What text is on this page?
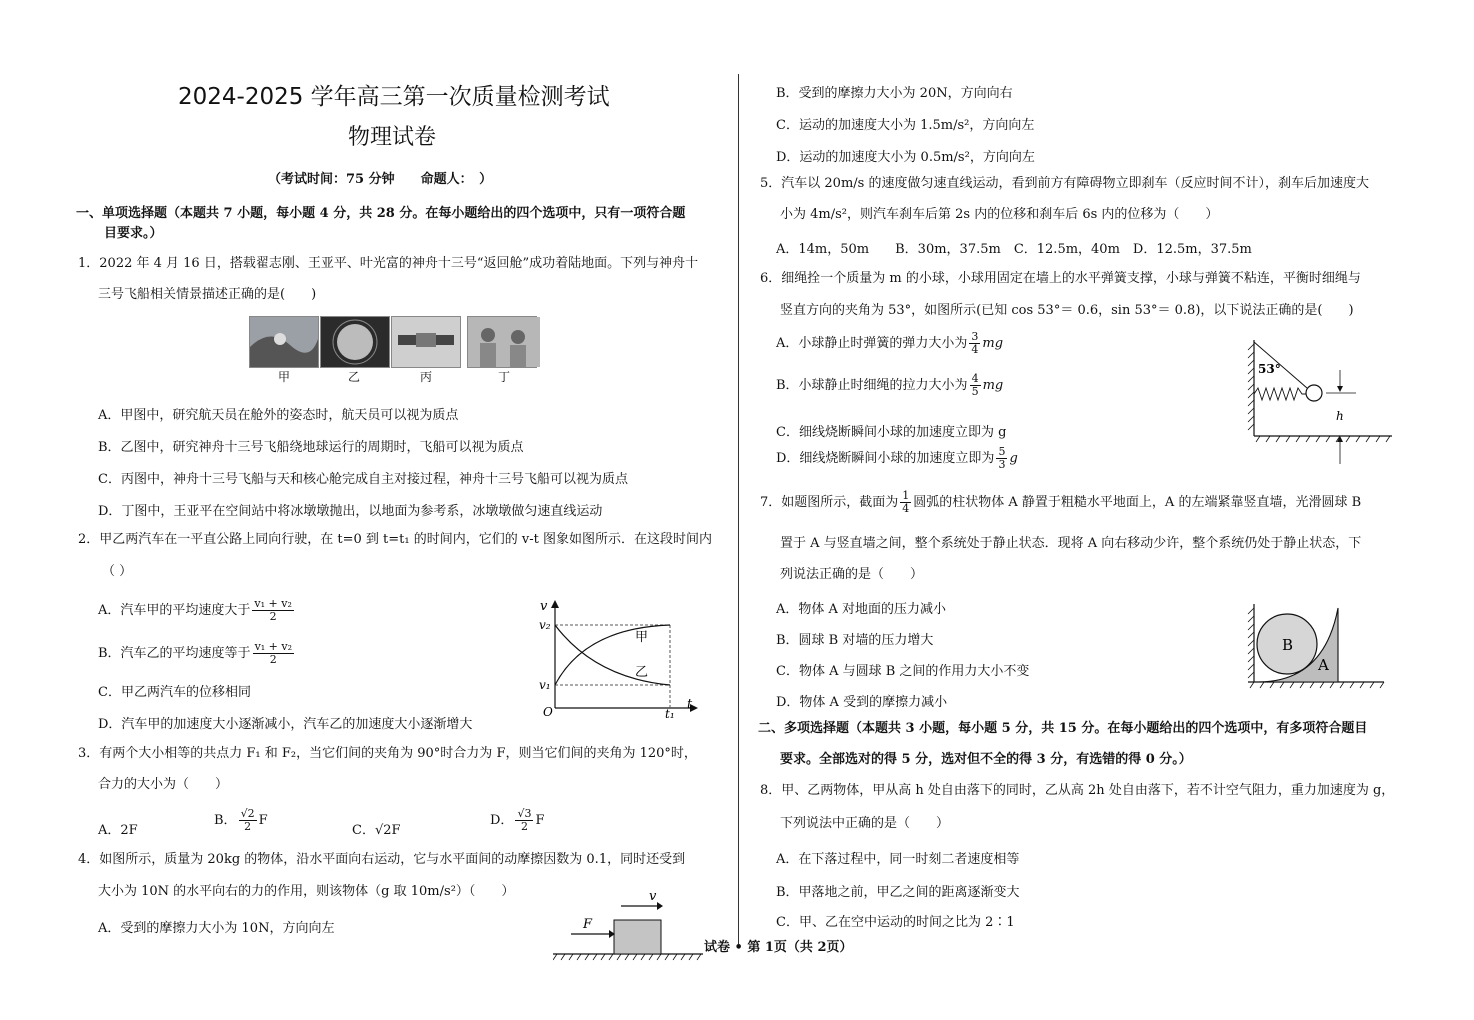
2024-2025 学年高三第一次质量检测考试
物理试卷
（考试时间：75 分钟　　命题人：　）
一、单项选择题（本题共 7 小题，每小题 4 分，共 28 分。在每小题给出的四个选项中，只有一项符合题
目要求。）
1．2022 年 4 月 16 日，搭载翟志刚、王亚平、叶光富的神舟十三号“返回舱”成功着陆地面。下列与神舟十
三号飞船相关情景描述正确的是(　　)
甲	乙	丙	丁
A．甲图中，研究航天员在舱外的姿态时，航天员可以视为质点
B．乙图中，研究神舟十三号飞船绕地球运行的周期时，飞船可以视为质点
C．丙图中，神舟十三号飞船与天和核心舱完成自主对接过程，神舟十三号飞船可以视为质点
D．丁图中，王亚平在空间站中将冰墩墩抛出，以地面为参考系，冰墩墩做匀速直线运动
2．甲乙两汽车在一平直公路上同向行驶，在 t=0 到 t=t₁ 的时间内，它们的 v-t 图象如图所示．在这段时间内
（ ）
A．汽车甲的平均速度大于 $\frac{\text{v₁ + v₂}}{2}$
B．汽车乙的平均速度等于 $\frac{\text{v₁ + v₂}}{2}$
C．甲乙两汽车的位移相同
D．汽车甲的加速度大小逐渐减小，汽车乙的加速度大小逐渐增大
v
t
v₂
v₁
O	t₁
甲
乙
3．有两个大小相等的共点力 F₁ 和 F₂，当它们间的夹角为 90°时合力为 F，则当它们间的夹角为 120°时，
合力的大小为（　　）
A．2F
B． $\frac{√2}{2}$ F
C．√2F
D． $\frac{√3}{2}$ F
4．如图所示，质量为 20kg 的物体，沿水平面向右运动，它与水平面间的动摩擦因数为 0.1，同时还受到
大小为 10N 的水平向右的力的作用，则该物体（g 取 10m/s²）（　　）
A．受到的摩擦力大小为 10N，方向向左	F
v
B．受到的摩擦力大小为 20N，方向向右
C．运动的加速度大小为 1.5m/s²，方向向左
D．运动的加速度大小为 0.5m/s²，方向向左
5．汽车以 20m/s 的速度做匀速直线运动，看到前方有障碍物立即刹车（反应时间不计），刹车后加速度大
小为 4m/s²，则汽车刹车后第 2s 内的位移和刹车后 6s 内的位移为（　　）
A．14m，50m　　B．30m，37.5m　C．12.5m，40m　D．12.5m，37.5m
6．细绳拴一个质量为 m 的小球，小球用固定在墙上的水平弹簧支撑，小球与弹簧不粘连，平衡时细绳与
竖直方向的夹角为 53°，如图所示(已知 cos 53°＝ 0.6，sin 53°＝ 0.8)，以下说法正确的是(　　)
A．小球静止时弹簧的弹力大小为 $\frac{3}{4}$ mg
B．小球静止时细绳的拉力大小为 $\frac{4}{5}$ mg
C．细线烧断瞬间小球的加速度立即为 g
D．细线烧断瞬间小球的加速度立即为 $\frac{5}{3}$ g
53°
h
7．如题图所示，截面为 $\frac{1}{4}$ 圆弧的柱状物体 A 静置于粗糙水平地面上，A 的左端紧靠竖直墙，光滑圆球 B
置于 A 与竖直墙之间，整个系统处于静止状态．现将 A 向右移动少许，整个系统仍处于静止状态，下
列说法正确的是（　　）
A．物体 A 对地面的压力减小
B．圆球 B 对墙的压力增大
C．物体 A 与圆球 B 之间的作用力大小不变
D．物体 A 受到的摩擦力减小
B
A
二、多项选择题（本题共 3 小题，每小题 5 分，共 15 分。在每小题给出的四个选项中，有多项符合题目
要求。全部选对的得 5 分，选对但不全的得 3 分，有选错的得 0 分。）
8．甲、乙两物体，甲从高 h 处自由落下的同时，乙从高 2h 处自由落下，若不计空气阻力，重力加速度为 g，
下列说法中正确的是（　　）
A．在下落过程中，同一时刻二者速度相等
B．甲落地之前，甲乙之间的距离逐渐变大
C．甲、乙在空中运动的时间之比为 2∶1
试卷 • 第 1页（共 2页）
